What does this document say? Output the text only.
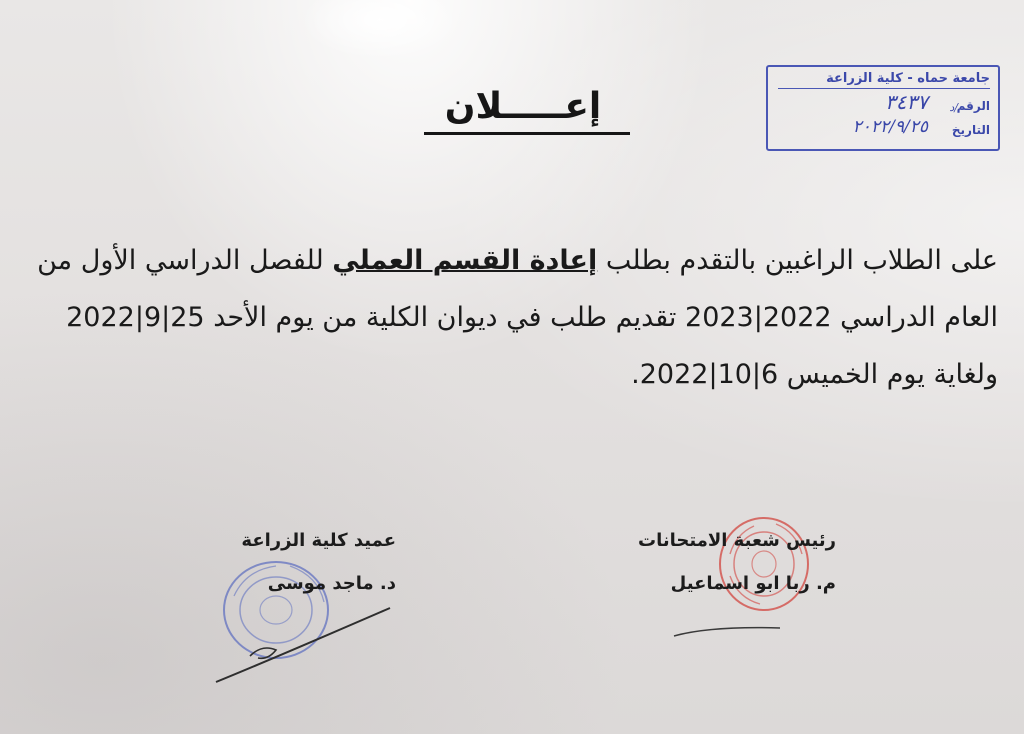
جامعة حماه - كلية الزراعة
الرقم
٣٤٣٧ /د
التاريخ
٢٠٢٢/٩/٢٥
إعـــــلان
على الطلاب الراغبين بالتقدم بطلب إعادة القسم العملي للفصل الدراسي الأول من العام الدراسي 2022|2023 تقديم طلب في ديوان الكلية من يوم الأحد 25|9|2022 ولغاية يوم الخميس 6|10|2022.
رئيس شعبة الامتحانات
م. ربا ابو اسماعيل
عميد كلية الزراعة
د. ماجد موسى
